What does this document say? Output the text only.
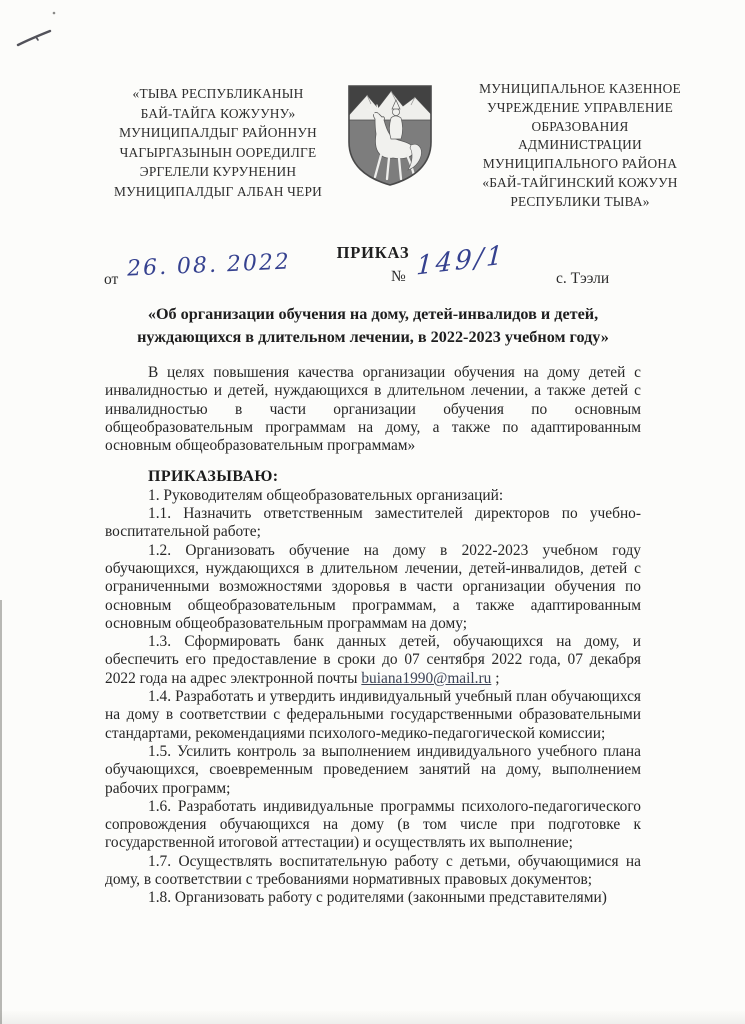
«ТЫВА РЕСПУБЛИКАНЫН
БАЙ-ТАЙГА КОЖУУНУ»
МУНИЦИПАЛДЫГ РАЙОННУН
ЧАГЫРГАЗЫНЫН ООРЕДИЛГЕ
ЭРГЕЛЕЛИ КУРУНЕНИН
МУНИЦИПАЛДЫГ АЛБАН ЧЕРИ
МУНИЦИПАЛЬНОЕ КАЗЕННОЕ
УЧРЕЖДЕНИЕ УПРАВЛЕНИЕ
ОБРАЗОВАНИЯ
АДМИНИСТРАЦИИ
МУНИЦИПАЛЬНОГО РАЙОНА
«БАЙ-ТАЙГИНСКИЙ КОЖУУН
РЕСПУБЛИКИ ТЫВА»
ПРИКАЗ
от 26. 08. 2022	№ 149/1	с. Тээли
«Об организации обучения на дому, детей-инвалидов и детей,
нуждающихся в длительном лечении, в 2022-2023 учебном году»

В целях повышения качества организации обучения на дому детей с инвалидностью и детей, нуждающихся в длительном лечении, а также детей с инвалидностью в части организации обучения по основным общеобразовательным программам на дому, а также по адаптированным основным общеобразовательным программам»

ПРИКАЗЫВАЮ:

1. Руководителям общеобразовательных организаций:

1.1. Назначить ответственным заместителей директоров по учебно-воспитательной работе;

1.2. Организовать обучение на дому в 2022-2023 учебном году обучающихся, нуждающихся в длительном лечении, детей-инвалидов, детей с ограниченными возможностями здоровья в части организации обучения по основным общеобразовательным программам, а также адаптированным основным общеобразовательным программам на дому;

1.3. Сформировать банк данных детей, обучающихся на дому, и обеспечить его предоставление в сроки до 07 сентября 2022 года, 07 декабря 2022 года на адрес электронной почты buiana1990@mail.ru ;

1.4. Разработать и утвердить индивидуальный учебный план обучающихся на дому в соответствии с федеральными государственными образовательными стандартами, рекомендациями психолого-медико-педагогической комиссии;

1.5. Усилить контроль за выполнением индивидуального учебного плана обучающихся, своевременным проведением занятий на дому, выполнением рабочих программ;

1.6. Разработать индивидуальные программы психолого-педагогического сопровождения обучающихся на дому (в том числе при подготовке к государственной итоговой аттестации) и осуществлять их выполнение;

1.7. Осуществлять воспитательную работу с детьми, обучающимися на дому, в соответствии с требованиями нормативных правовых документов;

1.8. Организовать работу с родителями (законными представителями)
